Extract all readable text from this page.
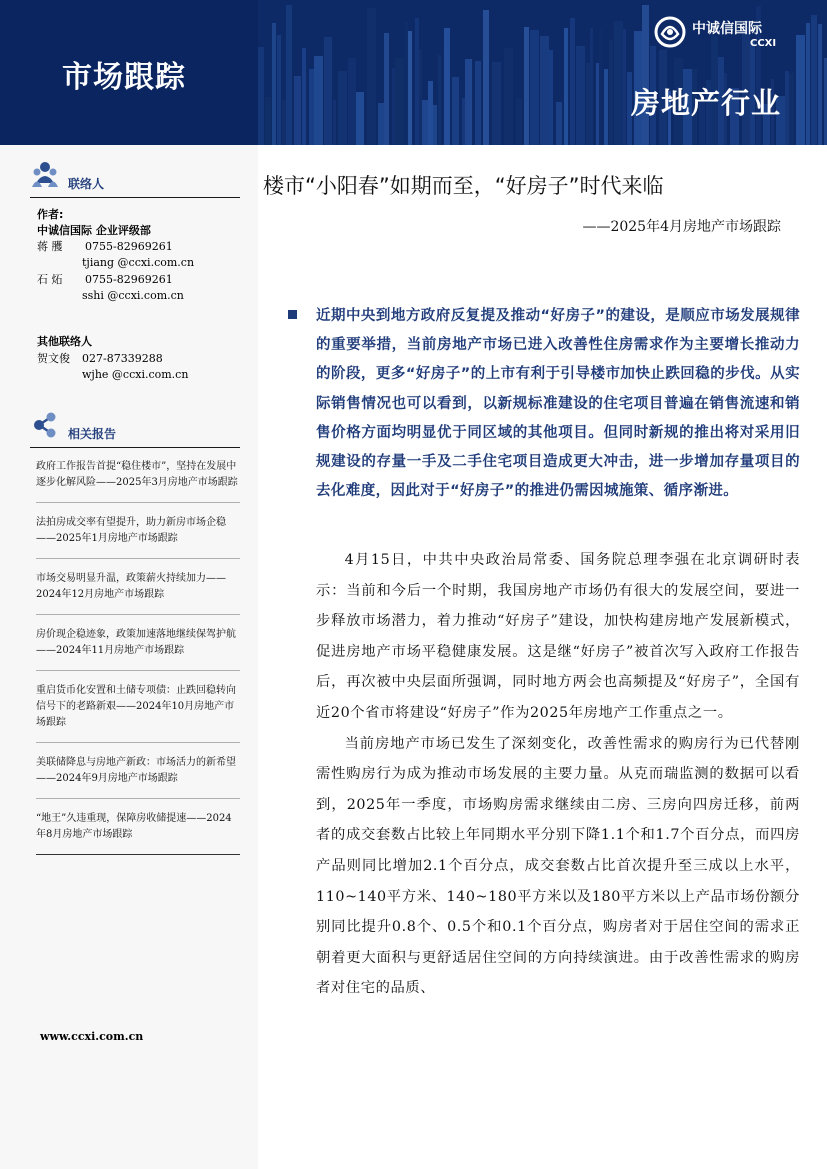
市场跟踪
房地产行业
中诚信国际
CCXI
联络人
作者:
中诚信国际 企业评级部
蒋 雘 0755-82969261
tjiang @ccxi.com.cn
石 炻 0755-82969261
sshi @ccxi.com.cn
其他联络人
贺文俊 027-87339288
wjhe @ccxi.com.cn
相关报告
政府工作报告首提“稳住楼市”，坚持在发展中逐步化解风险——2025年3月房地产市场跟踪
法拍房成交率有望提升，助力新房市场企稳——2025年1月房地产市场跟踪
市场交易明显升温，政策薪火持续加力——2024年12月房地产市场跟踪
房价现企稳迹象，政策加速落地继续保驾护航——2024年11月房地产市场跟踪
重启货币化安置和土储专项债：止跌回稳转向信号下的老路新艰——2024年10月房地产市场跟踪
美联储降息与房地产新政：市场活力的新希望——2024年9月房地产市场跟踪
“地王”久违重现，保障房收储提速——2024年8月房地产市场跟踪
www.ccxi.com.cn
楼市“小阳春”如期而至，“好房子”时代来临
——2025年4月房地产市场跟踪

近期中央到地方政府反复提及推动“好房子”的建设，是顺应市场发展规律的重要举措，当前房地产市场已进入改善性住房需求作为主要增长推动力的阶段，更多“好房子”的上市有利于引导楼市加快止跌回稳的步伐。从实际销售情况也可以看到，以新规标准建设的住宅项目普遍在销售流速和销售价格方面均明显优于同区域的其他项目。但同时新规的推出将对采用旧规建设的存量一手及二手住宅项目造成更大冲击，进一步增加存量项目的去化难度，因此对于“好房子”的推进仍需因城施策、循序渐进。

4月15日，中共中央政治局常委、国务院总理李强在北京调研时表示：当前和今后一个时期，我国房地产市场仍有很大的发展空间，要进一步释放市场潜力，着力推动“好房子”建设，加快构建房地产发展新模式，促进房地产市场平稳健康发展。这是继“好房子”被首次写入政府工作报告后，再次被中央层面所强调，同时地方两会也高频提及“好房子”，全国有近20个省市将建设“好房子”作为2025年房地产工作重点之一。

当前房地产市场已发生了深刻变化，改善性需求的购房行为已代替刚需性购房行为成为推动市场发展的主要力量。从克而瑞监测的数据可以看到，2025年一季度，市场购房需求继续由二房、三房向四房迁移，前两者的成交套数占比较上年同期水平分别下降1.1个和1.7个百分点，而四房产品则同比增加2.1个百分点，成交套数占比首次提升至三成以上水平，110~140平方米、140~180平方米以及180平方米以上产品市场份额分别同比提升0.8个、0.5个和0.1个百分点，购房者对于居住空间的需求正朝着更大面积与更舒适居住空间的方向持续演进。由于改善性需求的购房者对住宅的品质、
